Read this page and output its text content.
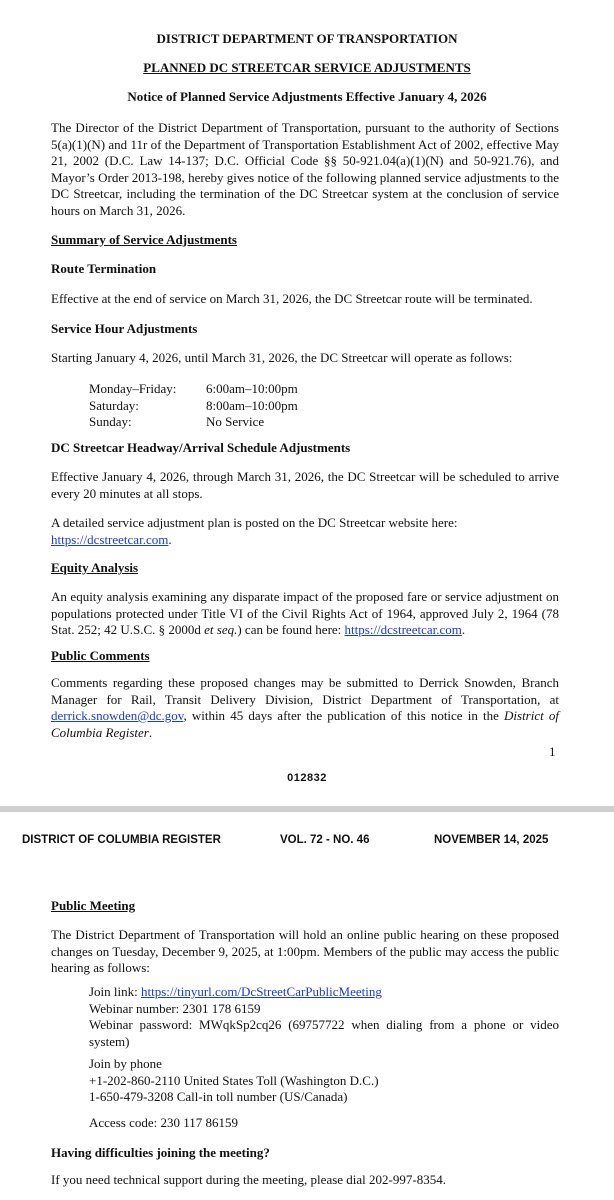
DISTRICT DEPARTMENT OF TRANSPORTATION

PLANNED DC STREETCAR SERVICE ADJUSTMENTS

Notice of Planned Service Adjustments Effective January 4, 2026

The Director of the District Department of Transportation, pursuant to the authority of Sections
5(a)(1)(N) and 11r of the Department of Transportation Establishment Act of 2002, effective May
21, 2002 (D.C. Law 14-137; D.C. Official Code §§ 50-921.04(a)(1)(N) and 50-921.76), and
Mayor’s Order 2013-198, hereby gives notice of the following planned service adjustments to the
DC Streetcar, including the termination of the DC Streetcar system at the conclusion of service
hours on March 31, 2026.

Summary of Service Adjustments

Route Termination

Effective at the end of service on March 31, 2026, the DC Streetcar route will be terminated.

Service Hour Adjustments

Starting January 4, 2026, until March 31, 2026, the DC Streetcar will operate as follows:

Monday–Friday: 6:00am–10:00pm
Saturday:	8:00am–10:00pm
Sunday:	No Service

DC Streetcar Headway/Arrival Schedule Adjustments

Effective January 4, 2026, through March 31, 2026, the DC Streetcar will be scheduled to arrive
every 20 minutes at all stops.
A detailed service adjustment plan is posted on the DC Streetcar website here:
https://dcstreetcar.com.

Equity Analysis

An equity analysis examining any disparate impact of the proposed fare or service adjustment on
populations protected under Title VI of the Civil Rights Act of 1964, approved July 2, 1964 (78
Stat. 252; 42 U.S.C. § 2000d et seq.) can be found here: https://dcstreetcar.com.

Public Comments

Comments regarding these proposed changes may be submitted to Derrick Snowden, Branch
Manager for Rail, Transit Delivery Division, District Department of Transportation, at
derrick.snowden@dc.gov, within 45 days after the publication of this notice in the District of
Columbia Register.

1

012832

DISTRICT OF COLUMBIA REGISTER	VOL. 72 - NO. 46	NOVEMBER 14, 2025

Public Meeting

The District Department of Transportation will hold an online public hearing on these proposed
changes on Tuesday, December 9, 2025, at 1:00pm. Members of the public may access the public
hearing as follows:
Join link: https://tinyurl.com/DcStreetCarPublicMeeting
Webinar number: 2301 178 6159
Webinar password: MWqkSp2cq26 (69757722 when dialing from a phone or video
system)
Join by phone
+1-202-860-2110 United States Toll (Washington D.C.)
1-650-479-3208 Call-in toll number (US/Canada)

Access code: 230 117 86159

Having difficulties joining the meeting?

If you need technical support during the meeting, please dial 202-997-8354.
